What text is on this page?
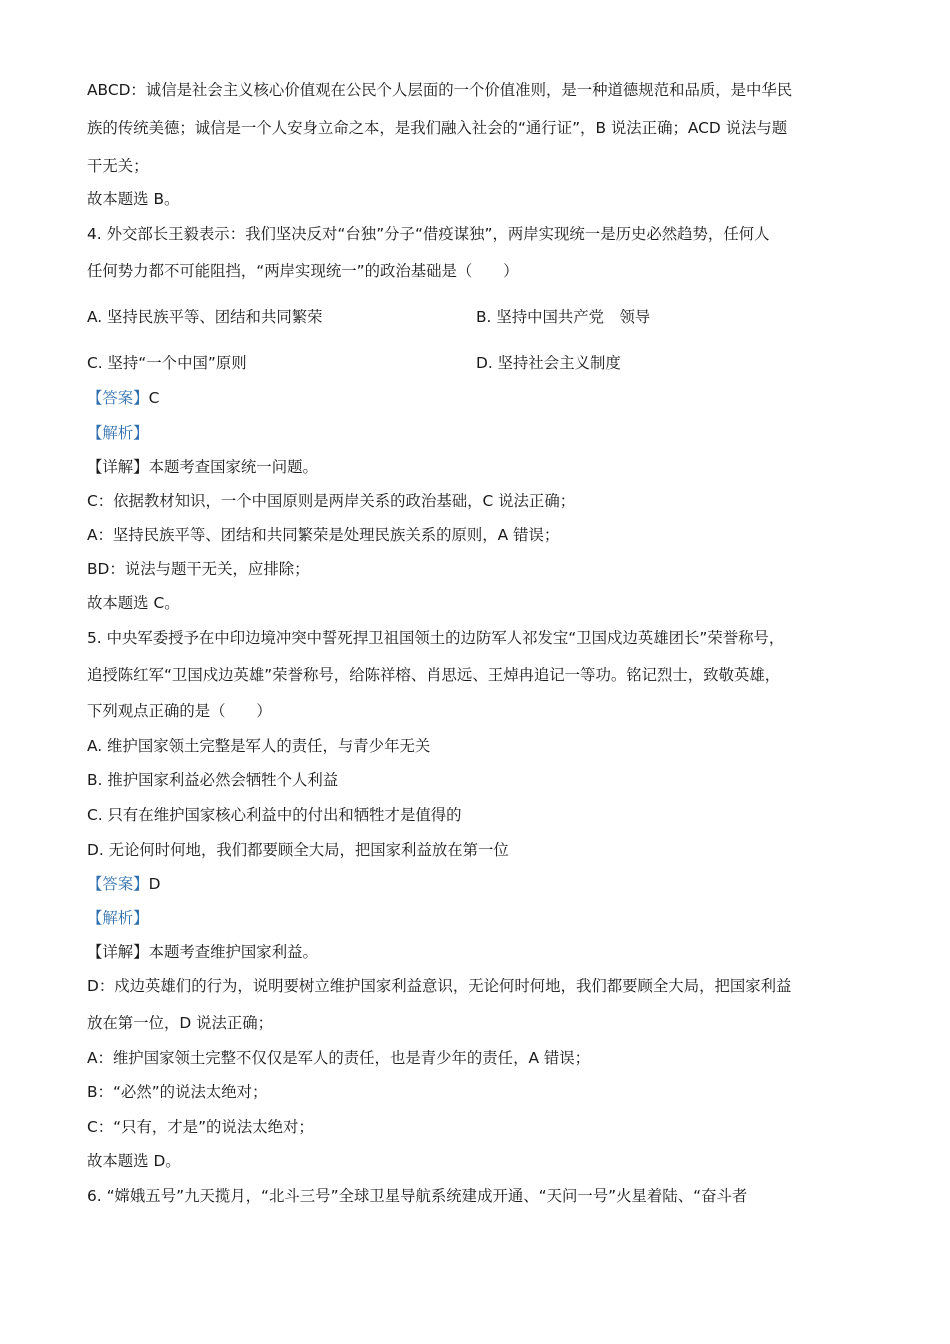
ABCD：诚信是社会主义核心价值观在公民个人层面的一个价值准则，是一种道德规范和品质，是中华民
族的传统美德；诚信是一个人安身立命之本，是我们融入社会的“通行证”，B 说法正确；ACD 说法与题
干无关；
故本题选 B。
4. 外交部长王毅表示：我们坚决反对“台独”分子“借疫谋独”，两岸实现统一是历史必然趋势，任何人
任何势力都不可能阻挡，“两岸实现统一”的政治基础是（　　）
A. 坚持民族平等、团结和共同繁荣	B. 坚持中国共产党　领导
C. 坚持“一个中国”原则	D. 坚持社会主义制度
【答案】C
【解析】
【详解】本题考查国家统一问题。
C：依据教材知识，一个中国原则是两岸关系的政治基础，C 说法正确；
A：坚持民族平等、团结和共同繁荣是处理民族关系的原则，A 错误；
BD：说法与题干无关，应排除；
故本题选 C。
5. 中央军委授予在中印边境冲突中誓死捍卫祖国领土的边防军人祁发宝“卫国戍边英雄团长”荣誉称号，
追授陈红军“卫国戍边英雄”荣誉称号，给陈祥榕、肖思远、王焯冉追记一等功。铭记烈士，致敬英雄，
下列观点正确的是（　　）
A. 维护国家领土完整是军人的责任，与青少年无关
B. 推护国家利益必然会牺牲个人利益
C. 只有在维护国家核心利益中的付出和牺牲才是值得的
D. 无论何时何地，我们都要顾全大局，把国家利益放在第一位
【答案】D
【解析】
【详解】本题考查维护国家利益。
D：戍边英雄们的行为，说明要树立维护国家利益意识，无论何时何地，我们都要顾全大局，把国家利益
放在第一位，D 说法正确；
A：维护国家领土完整不仅仅是军人的责任，也是青少年的责任，A 错误；
B：“必然”的说法太绝对；
C：“只有，才是”的说法太绝对；
故本题选 D。
6. “嫦娥五号”九天揽月，“北斗三号”全球卫星导航系统建成开通、“天问一号”火星着陆、“奋斗者
